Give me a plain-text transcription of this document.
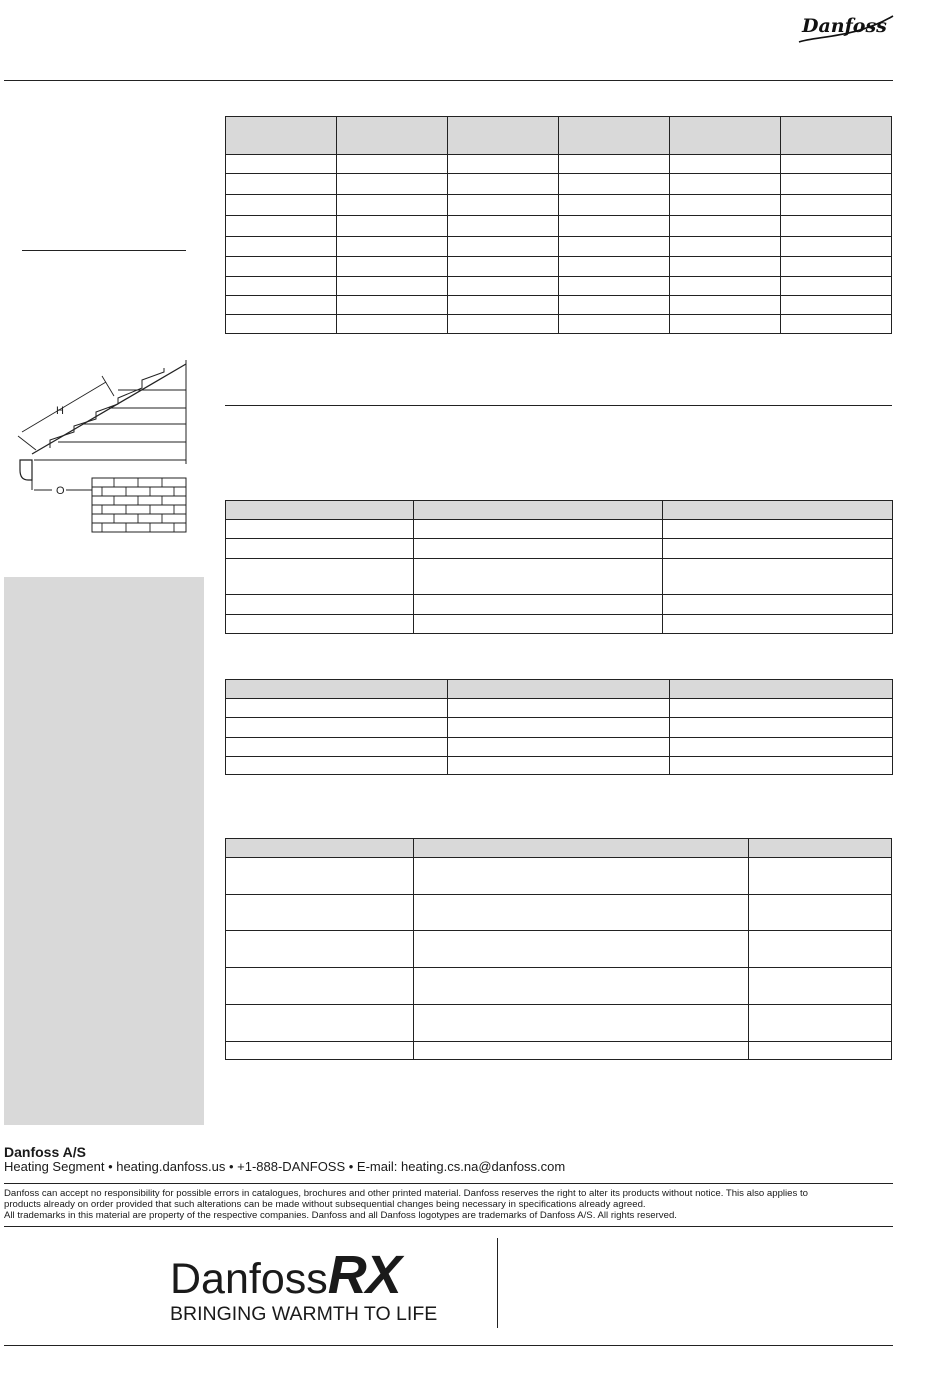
Danfoss
H
O

Danfoss A/S
Heating Segment • heating.danfoss.us • +1-888-DANFOSS • E-mail: heating.cs.na@danfoss.com

Danfoss can accept no responsibility for possible errors in catalogues, brochures and other printed material. Danfoss reserves the right to alter its products without notice. This also applies to

products already on order provided that such alterations can be made without subsequential changes being necessary in specifications already agreed.

All trademarks in this material are property of the respective companies. Danfoss and all Danfoss logotypes are trademarks of Danfoss A/S. All rights reserved.

DanfossRX
BRINGING WARMTH TO LIFE
